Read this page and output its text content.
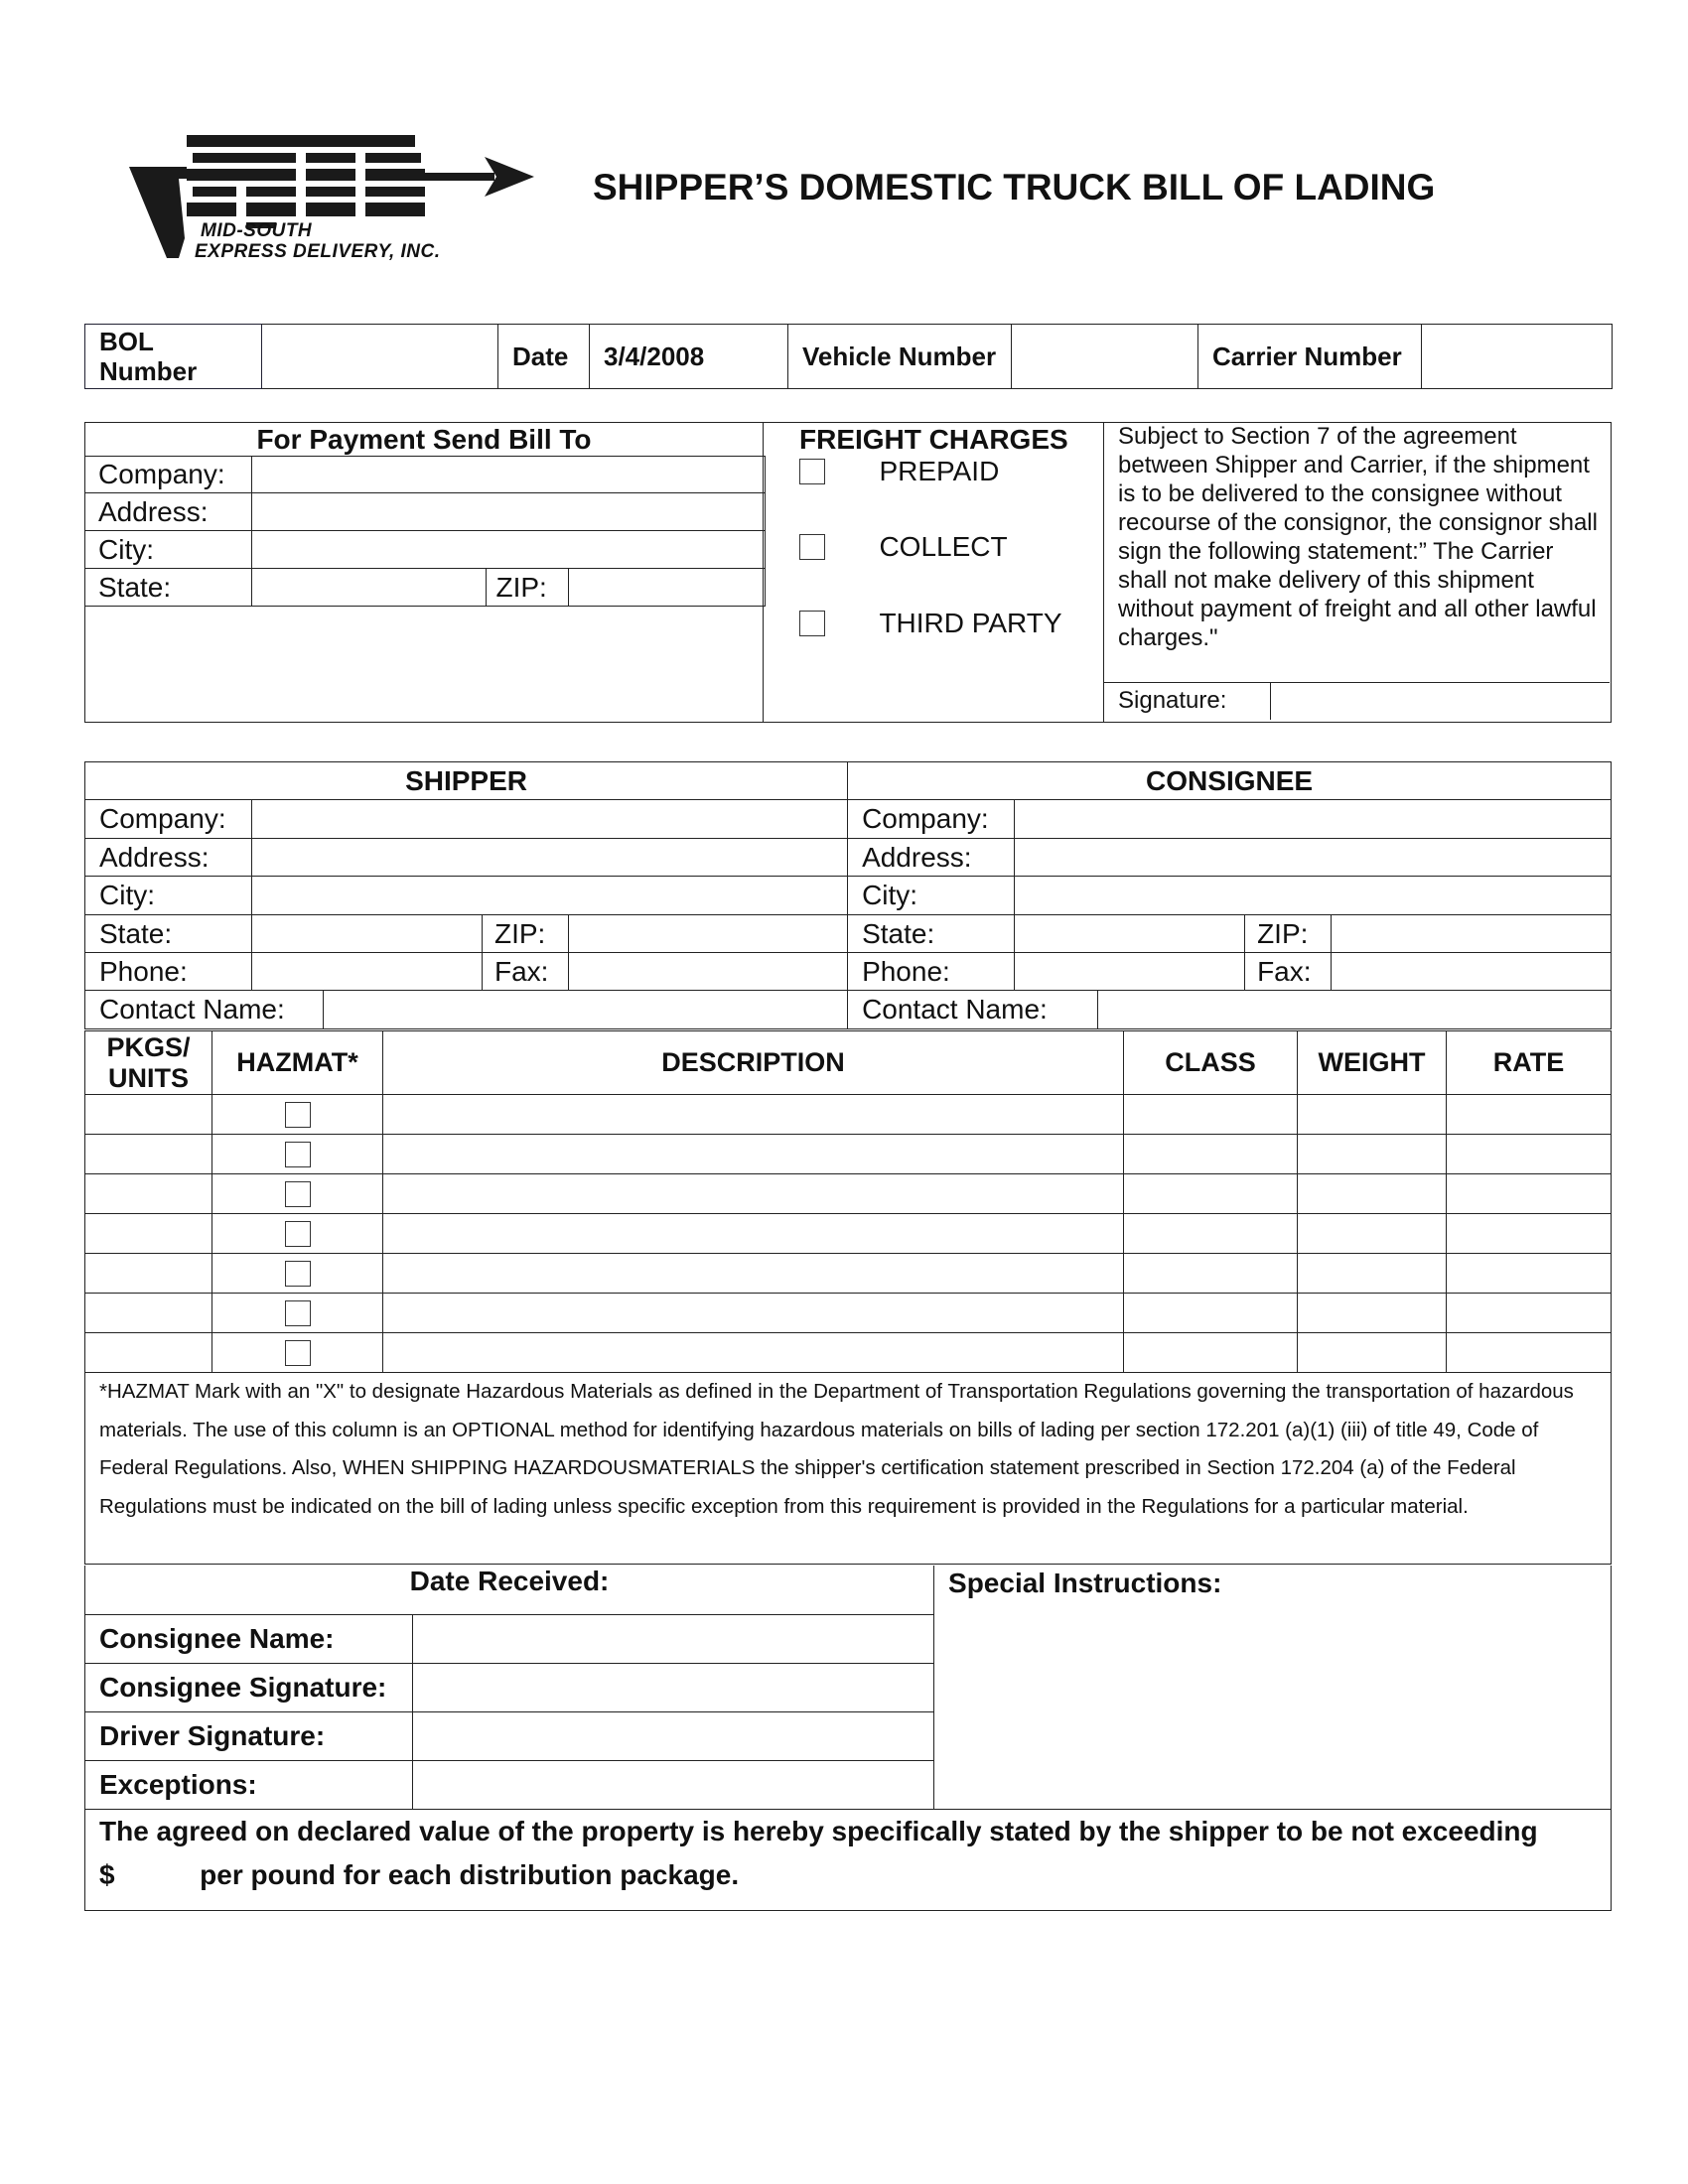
MID-SOUTH
EXPRESS DELIVERY, INC.
SHIPPER’S DOMESTIC TRUCK BILL OF LADING
BOL Number		Date	3/4/2008	Vehicle Number		Carrier Number	
For Payment Send Bill To
Company:			
Address:			
City:			
State:		ZIP:	
FREIGHT CHARGES
PREPAID
COLLECT
THIRD PARTY
Subject to Section 7 of the agreement between Shipper and Carrier, if the shipment is to be delivered to the consignee without recourse of the consignor, the consignor shall sign the following statement:” The Carrier shall not make delivery of this shipment without payment of freight and all other lawful charges."
Signature:
SHIPPER					CONSIGNEE				
Company:					Company:				
Address:					Address:				
City:					City:				
State:			ZIP:		State:			ZIP:	
Phone:			Fax:		Phone:			Fax:	
Contact Name:					Contact Name:				
PKGS/ UNITS	HAZMAT*	DESCRIPTION	CLASS	WEIGHT	RATE

*HAZMAT Mark with an "X" to designate Hazardous Materials as defined in the Department of Transportation Regulations governing the transportation of hazardous materials. The use of this column is an OPTIONAL method for identifying hazardous materials on bills of lading per section 172.201 (a)(1) (iii) of title 49, Code of Federal Regulations. Also, WHEN SHIPPING HAZARDOUSMATERIALS the shipper's certification statement prescribed in Section 172.204 (a) of the Federal Regulations must be indicated on the bill of lading unless specific exception from this requirement is provided in the Regulations for a particular material.					
Date Received:		Special Instructions:
Consignee Name:		
Consignee Signature:		
Driver Signature:		
Exceptions:		

The agreed on declared value of the property is hereby specifically stated by the shipper to be not exceeding
$ per pound for each distribution package.		
